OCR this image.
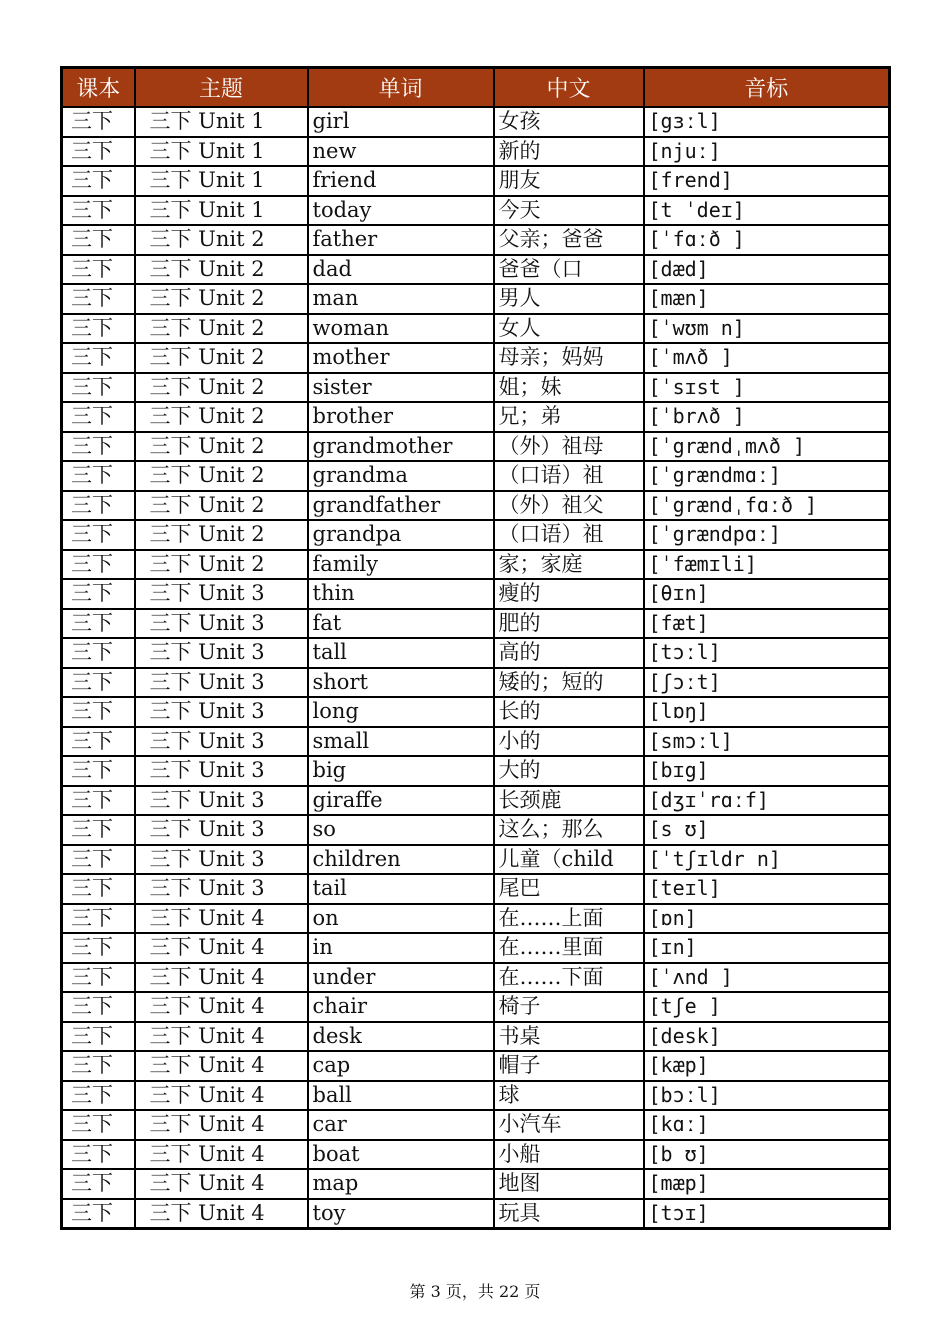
课本	主题	单词	中文	音标
三下	三下 Unit 1	girl	女孩	[gɜːl]
三下	三下 Unit 1	new	新的	[njuː]
三下	三下 Unit 1	friend	朋友	[frend]
三下	三下 Unit 1	today	今天	[t ˈdeɪ]
三下	三下 Unit 2	father	父亲；爸爸	[ˈfɑːð ]
三下	三下 Unit 2	dad	爸爸（口	[dæd]
三下	三下 Unit 2	man	男人	[mæn]
三下	三下 Unit 2	woman	女人	[ˈwʊm n]
三下	三下 Unit 2	mother	母亲；妈妈	[ˈmʌð ]
三下	三下 Unit 2	sister	姐；妹	[ˈsɪst ]
三下	三下 Unit 2	brother	兄；弟	[ˈbrʌð ]
三下	三下 Unit 2	grandmother	（外）祖母	[ˈgrændˌmʌð ]
三下	三下 Unit 2	grandma	（口语）祖	[ˈgrændmɑː]
三下	三下 Unit 2	grandfather	（外）祖父	[ˈgrændˌfɑːð ]
三下	三下 Unit 2	grandpa	（口语）祖	[ˈgrændpɑː]
三下	三下 Unit 2	family	家；家庭	[ˈfæmɪli]
三下	三下 Unit 3	thin	瘦的	[θɪn]
三下	三下 Unit 3	fat	肥的	[fæt]
三下	三下 Unit 3	tall	高的	[tɔːl]
三下	三下 Unit 3	short	矮的；短的	[ʃɔːt]
三下	三下 Unit 3	long	长的	[lɒŋ]
三下	三下 Unit 3	small	小的	[smɔːl]
三下	三下 Unit 3	big	大的	[bɪg]
三下	三下 Unit 3	giraffe	长颈鹿	[dʒɪˈrɑːf]
三下	三下 Unit 3	so	这么；那么	[s ʊ]
三下	三下 Unit 3	children	儿童（child	[ˈtʃɪldr n]
三下	三下 Unit 3	tail	尾巴	[teɪl]
三下	三下 Unit 4	on	在……上面	[ɒn]
三下	三下 Unit 4	in	在……里面	[ɪn]
三下	三下 Unit 4	under	在……下面	[ˈʌnd ]
三下	三下 Unit 4	chair	椅子	[tʃe ]
三下	三下 Unit 4	desk	书桌	[desk]
三下	三下 Unit 4	cap	帽子	[kæp]
三下	三下 Unit 4	ball	球	[bɔːl]
三下	三下 Unit 4	car	小汽车	[kɑː]
三下	三下 Unit 4	boat	小船	[b ʊ]
三下	三下 Unit 4	map	地图	[mæp]
三下	三下 Unit 4	toy	玩具	[tɔɪ]
第 3 页，共 22 页
